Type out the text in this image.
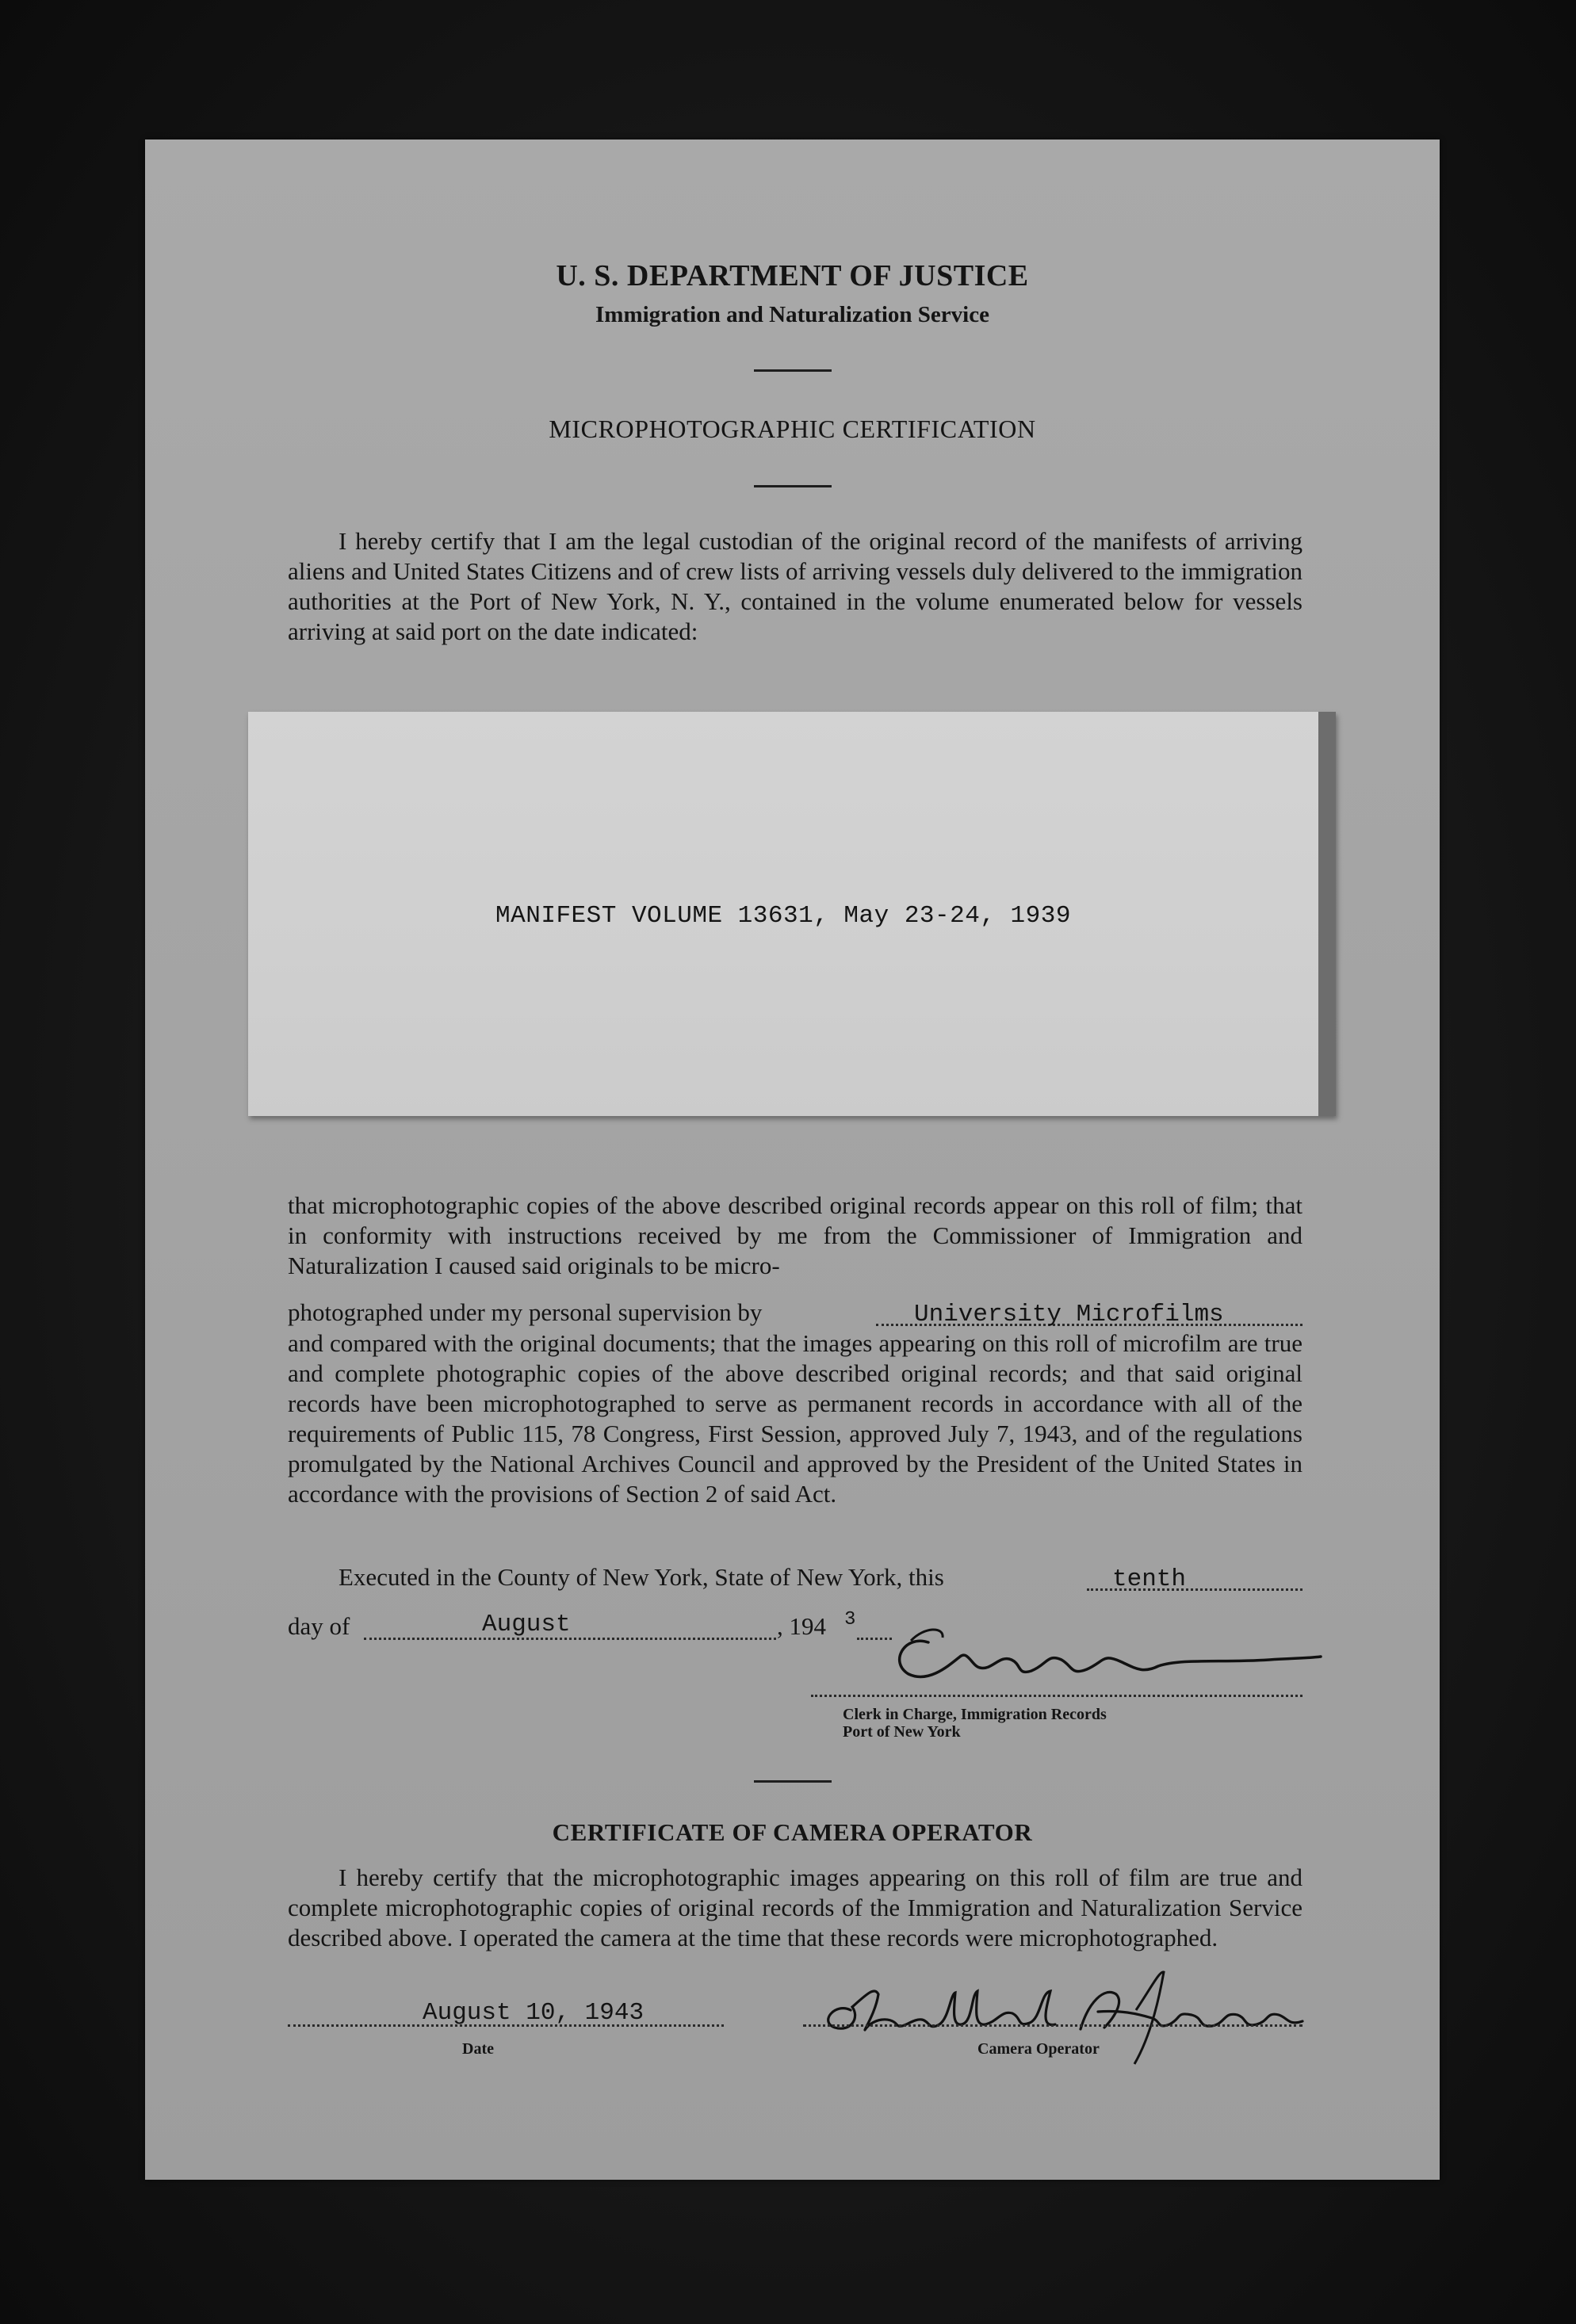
U. S. DEPARTMENT OF JUSTICE
Immigration and Naturalization Service
MICROPHOTOGRAPHIC CERTIFICATION

I hereby certify that I am the legal custodian of the original record of the manifests of arriving aliens and United States Citizens and of crew lists of arriving vessels duly delivered to the immigration authorities at the Port of New York, N. Y., contained in the volume enumerated below for vessels arriving at said port on the date indicated:

MANIFEST VOLUME 13631, May 23-24, 1939

that microphotographic copies of the above described original records appear on this roll of film; that in conformity with instructions received by me from the Commissioner of Immigration and Naturalization I caused said originals to be micro-

photographed under my personal supervision by	University Microfilms

and compared with the original documents; that the images appearing on this roll of microfilm are true and complete photographic copies of the above described original records; and that said original records have been microphotographed to serve as permanent records in accordance with all of the requirements of Public 115, 78 Congress, First Session, approved July 7, 1943, and of the regulations promulgated by the National Archives Council and approved by the President of the United States in accordance with the provisions of Section 2 of said Act.

Executed in the County of New York, State of New York, this	tenth
day of	August	, 194 3
Clerk in Charge, Immigration Records
Port of New York
CERTIFICATE OF CAMERA OPERATOR

I hereby certify that the microphotographic images appearing on this roll of film are true and complete microphotographic copies of original records of the Immigration and Naturalization Service described above. I operated the camera at the time that these records were microphotographed.

August 10, 1943
Date	Camera Operator
